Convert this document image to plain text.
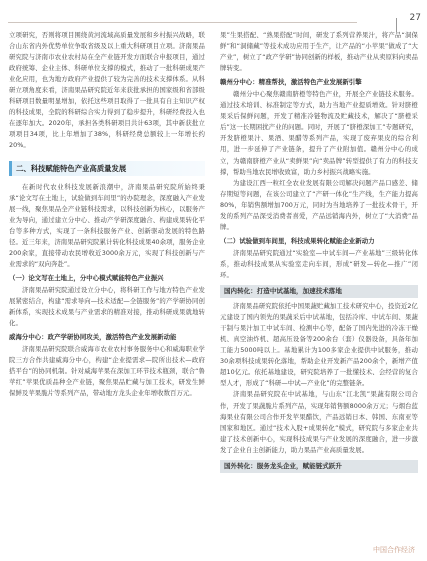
27

立项研究，否则将项目围绕黄河流域高质量发展和乡村振兴战略，联合山东省内外优势单位争取省级及以上重大科研项目立项。济南果品研究院与济南市农业农村局在全产业链开发方面联合申报项目，通过政府统筹、企业主体、科研单位支撑的模式，推动了一批科研成果产业化应用，也为地方政府产业提供了较为完善的技术支撑体系。从科研立项角度来看，济南果品研究院近年来获批承担的国家级和省部级科研项目数量明显增加，依托这些项目取得了一批具有自主知识产权的科技成果，全院的科研综合实力得到了稳步提升，科研经费投入也在逐年加大。2020年，承担各类科研项目共计63项，其中新获批立项项目34项，比上年增加了38%，科研经费总额较上一年增长约20%。

二、科技赋能特色产业高质量发展

在新时代农业科技发展新浪潮中，济南果品研究院所始终秉承“论文写在土地上，试验做到车间里”的办院理念，深度融入产业发展一线，聚焦果品全产业链科技需求，以科技创新为核心，以服务产业为导向，通过建立分中心、推动产学研深度融合、构建成果转化平台等多种方式，实现了一条科技服务产业、创新驱动发展的特色路径。近三年来，济南果品研究院累计转化科技成果40余项，服务企业200余家，直接带动农民增收近3000余万元，实现了科技创新与产业需求的“双向奔赴”。

（一）论文写在土地上，分中心模式赋能特色产业振兴

济南果品研究院通过设立分中心，将科研工作与地方特色产业发展紧密结合，构建“需求导向—技术适配—全链服务”的产学研协同创新体系，实现技术成果与产业需求的精准对接，推动科研成果就地转化。

威海分中心：政产学研协同攻关，激活特色产业发展新动能

济南果品研究院联合威海市农业农村事务服务中心和威海职业学院三方合作共建威海分中心，构建“企业提需求—院所出技术—政府搭平台”的协同机制。针对威海苹果在深加工环节技术瓶颈，联合“鲁苹红”苹果优质品种全产业链，聚焦果品贮藏与加工技术，研发生鲜保鲜及苹果脆片等系列产品，带动地方龙头企业年增收数百万元。

果”生果搭配、“熟果搭配”时间，研发了系列营养果汁，将产品“洞保鲜”和“洞储藏”等技术成功应用于生产，让产品的“小苹果”做成了“大产业”，树立了“政产学研”协同创新的样板，推动产业从卖原料向卖品牌转变。

赣州分中心：精准帮扶，激活特色产业发展新引擎

赣州分中心聚焦赣南脐橙等特色产业，开展全产业链技术服务。通过技术培训、标准制定等方式，助力当地产业提质增效。针对脐橙果采后保鲜问题，开发了精准冷链物流及贮藏技术，解决了“脐橙采后”这一长期困扰产业的问题。同时，开展了“脐橙深加工”专题研究，开发脐橙果汁、果酒、果醋等系列产品，实现了废弃果皮的综合利用，进一步延伸了产业链条，提升了产业附加值。赣州分中心的成立，为赣南脐橙产业从“卖鲜果”向“卖品牌”转型提供了有力的科技支撑，帮助当地农民增收致富，助力乡村振兴战略实施。

为建设江西一粒红全农业发展有限公司解决问题产品口感差、储存期短等问题，在该公司建立了“产研一体化”生产线，生产能力提高80%，年销售额增加700万元，同时为当地培养了一批技术骨干，开发的系列产品深受消费者喜爱，产品远销海内外，树立了“大消费”品牌。

（二）试验做到车间里，科技成果转化赋能企业新动力

济南果品研究院通过“实验室—中试车间—产业基地”三级转化体系，推动科技成果从实验室走向车间，形成“研发—转化—推广”闭环。

国内转化：打造中试基地，加速技术落地

济南果品研究院依托中国果蔬贮藏加工技术研究中心，投资近2亿元建设了国内领先的果蔬采后中试基地，包括冷库、中试车间、果蔬干制与果汁加工中试车间、检测中心等，配备了国内先进的冷冻干燥机、真空油炸机、超高压设备等200余台（套）仪器设备，具备年加工能力5000吨以上。基地累计为100多家企业提供中试服务，推动30余项科技成果转化落地，帮助企业开发新产品200余个，新增产值超10亿元。依托基地建设，研究院培养了一批懂技术、会经营的复合型人才，形成了“科研—中试—产业化”的完整链条。

济南果品研究院在中试基地，与山东“江北凯”果蔬有限公司合作，开发了果蔬脆片系列产品，实现年销售额8000余万元；与烟台蓝海果业有限公司合作开发苹果醋饮，产品远销日本、韩国、东南亚等国家和地区。通过“技术入股+成果转化”模式，研究院与多家企业共建了技术创新中心，实现科技成果与产业发展的深度融合，进一步激发了企业自主创新能力，助力果品产业高质量发展。

国外转化：服务龙头企业，赋能链式跃升
中国合作经济
